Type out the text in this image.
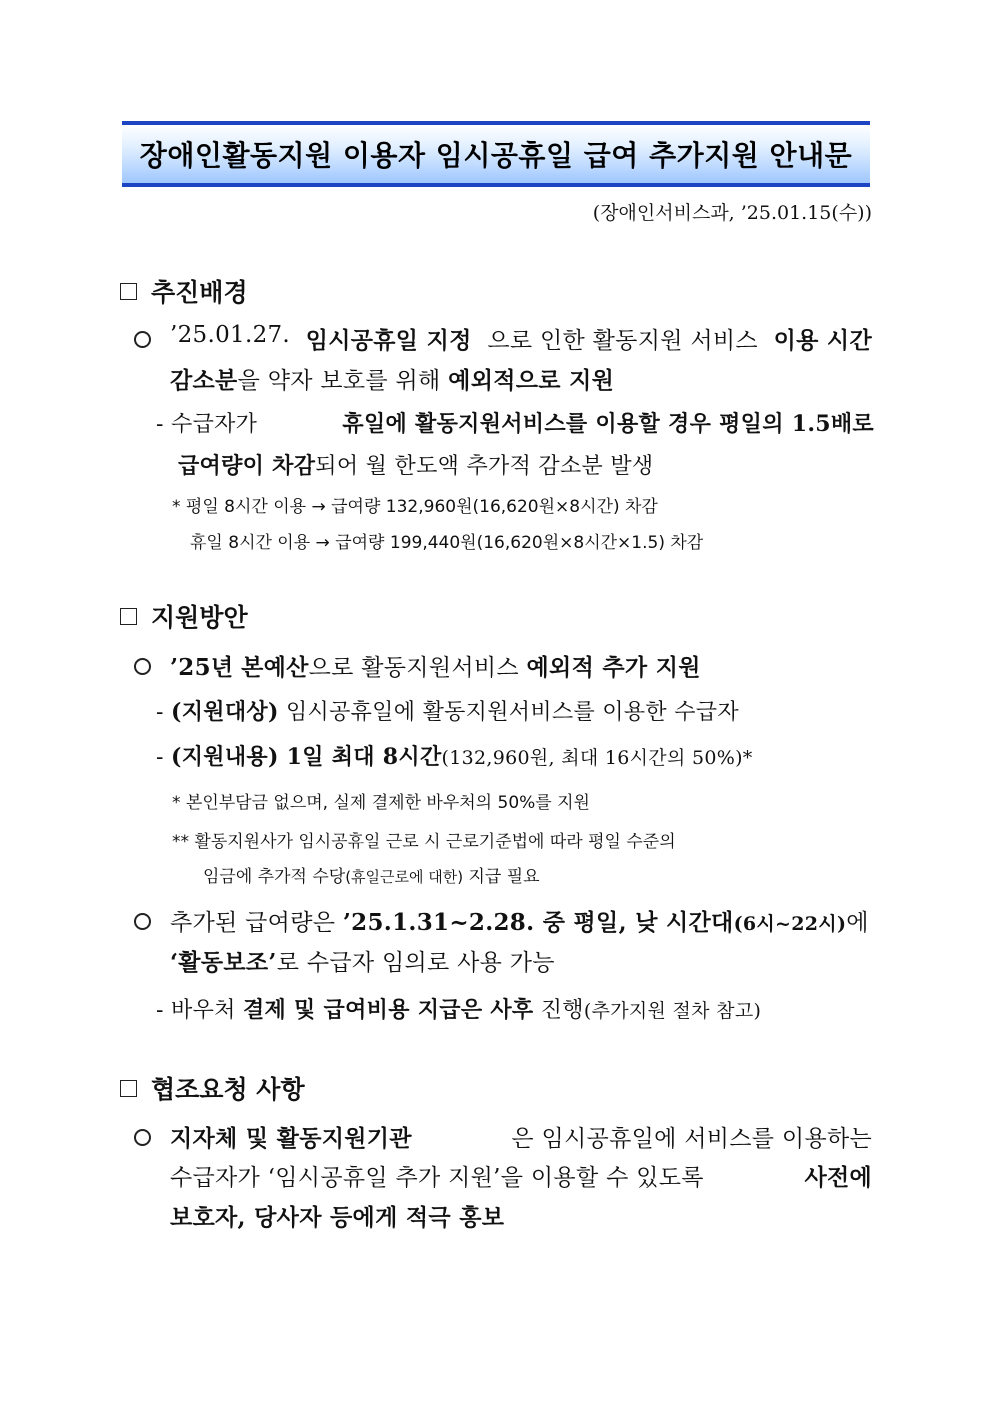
장애인활동지원 이용자 임시공휴일 급여 추가지원 안내문
(장애인서비스과, ’25.01.15(수))
추진배경
’25.01.27. 임시공휴일 지정 으로 인한 활동지원 서비스 이용 시간
감소분을 약자 보호를 위해 예외적으로 지원
- 수급자가	휴일에 활동지원서비스를 이용할 경우 평일의 1.5배로
급여량이 차감되어 월 한도액 추가적 감소분 발생
* 평일 8시간 이용 → 급여량 132,960원(16,620원×8시간) 차감
휴일 8시간 이용 → 급여량 199,440원(16,620원×8시간×1.5) 차감
지원방안
’25년 본예산으로 활동지원서비스 예외적 추가 지원
- (지원대상) 임시공휴일에 활동지원서비스를 이용한 수급자
- (지원내용) 1일 최대 8시간(132,960원, 최대 16시간의 50%)*
* 본인부담금 없으며, 실제 결제한 바우처의 50%를 지원
** 활동지원사가 임시공휴일 근로 시 근로기준법에 따라 평일 수준의
임금에 추가적 수당(휴일근로에 대한) 지급 필요
추가된 급여량은 ’25.1.31~2.28. 중 평일, 낮 시간대(6시~22시)에
‘활동보조’로 수급자 임의로 사용 가능
- 바우처 결제 및 급여비용 지급은 사후 진행(추가지원 절차 참고)
협조요청 사항
지자체 및 활동지원기관	은 임시공휴일에 서비스를 이용하는
수급자가 ‘임시공휴일 추가 지원’을 이용할 수 있도록	사전에
보호자, 당사자 등에게 적극 홍보
